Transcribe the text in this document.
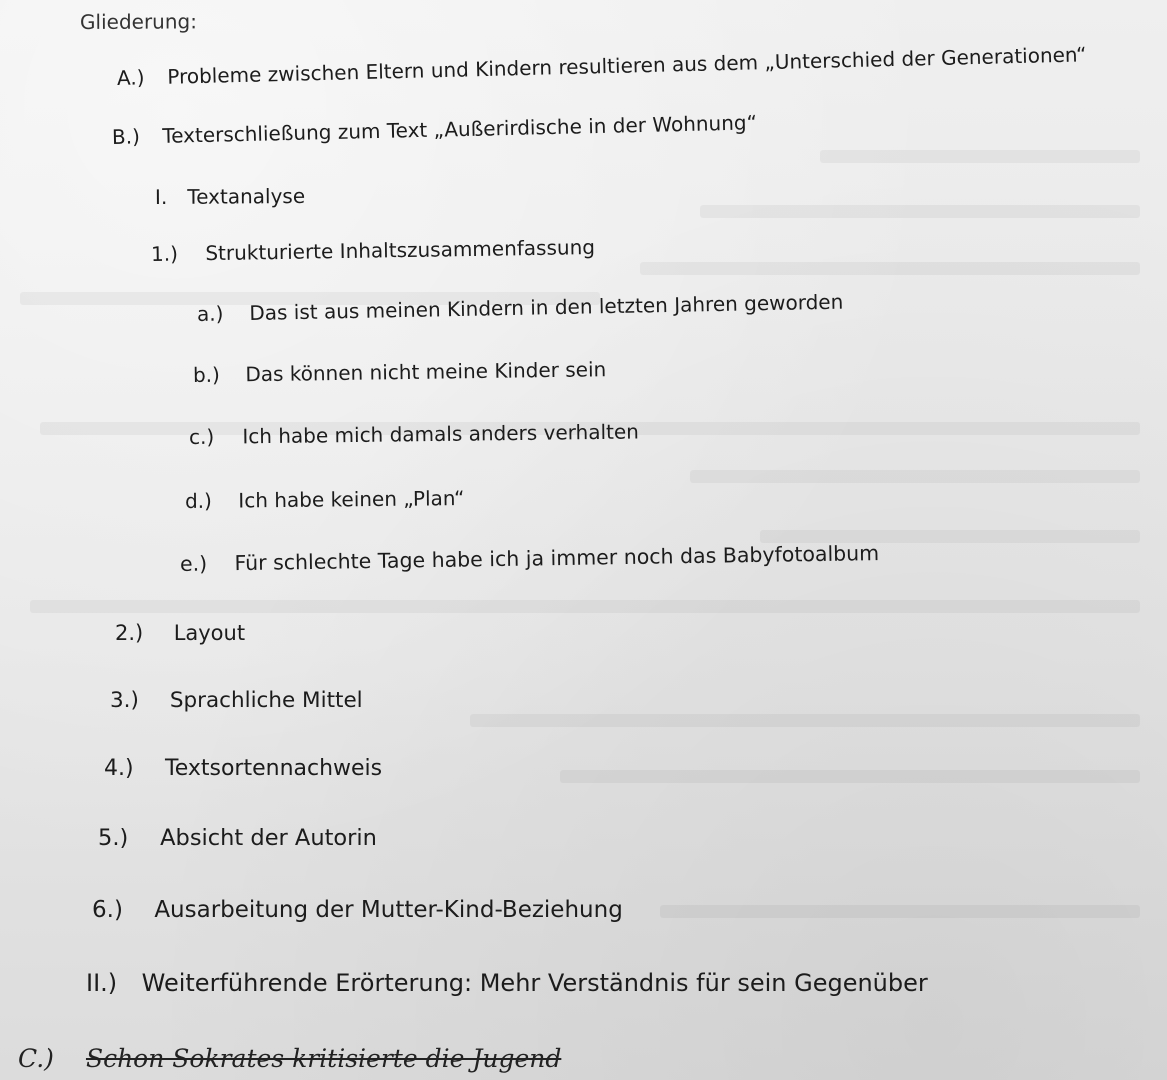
Gliederung:
A.) Probleme zwischen Eltern und Kindern resultieren aus dem „Unterschied der Generationen“
B.) Texterschließung zum Text „Außerirdische in der Wohnung“
I. Textanalyse
1.) Strukturierte Inhaltszusammenfassung
a.) Das ist aus meinen Kindern in den letzten Jahren geworden
b.) Das können nicht meine Kinder sein
c.) Ich habe mich damals anders verhalten
d.) Ich habe keinen „Plan“
e.) Für schlechte Tage habe ich ja immer noch das Babyfotoalbum
2.) Layout
3.) Sprachliche Mittel
4.) Textsortennachweis
5.) Absicht der Autorin
6.) Ausarbeitung der Mutter-Kind-Beziehung
II.) Weiterführende Erörterung: Mehr Verständnis für sein Gegenüber
C.) Schon Sokrates kritisierte die Jugend
